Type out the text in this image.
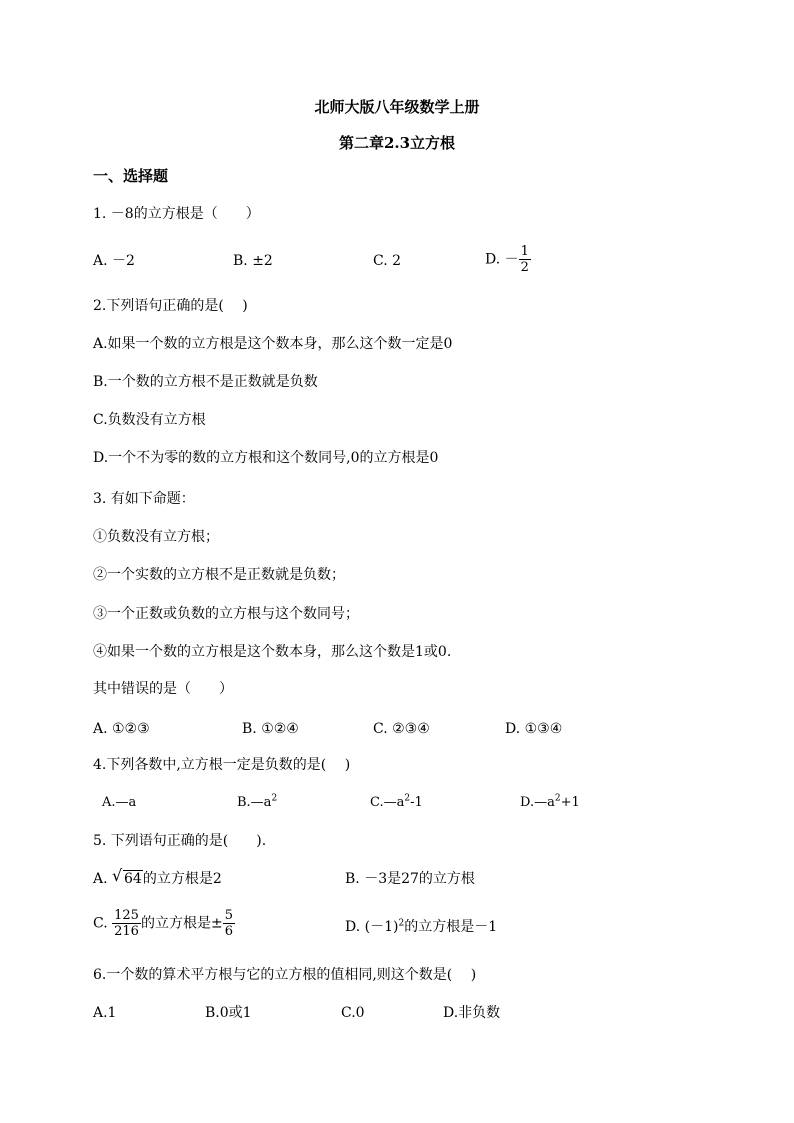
北师大版八年级数学上册
第二章2.3立方根
一、选择题
1. －8的立方根是（　　）
A. －2	B. ±2	C. 2	D. － $\frac{1}{2}$
2.下列语句正确的是(　 )
A.如果一个数的立方根是这个数本身，那么这个数一定是0
B.一个数的立方根不是正数就是负数
C.负数没有立方根
D.一个不为零的数的立方根和这个数同号,0的立方根是0
3. 有如下命题：
①负数没有立方根；
②一个实数的立方根不是正数就是负数；
③一个正数或负数的立方根与这个数同号；
④如果一个数的立方根是这个数本身，那么这个数是1或0.
其中错误的是（　　）
A. ①②③	B. ①②④	C. ②③④	D. ①③④
4.下列各数中,立方根一定是负数的是(　 )
A.—a	$B.—a^2$	$C.—a^2-1$	$D.—a^2+1$
5. 下列语句正确的是(　　).
A. √ 64的立方根是2	B. －3是27的立方根
C. $\frac{125}{216}$ 的立方根是± $\frac{5}{6}$	D. $(-1)^2$的立方根是－1
6.一个数的算术平方根与它的立方根的值相同,则这个数是(　 )
A.1	B.0或1	C.0	D.非负数
